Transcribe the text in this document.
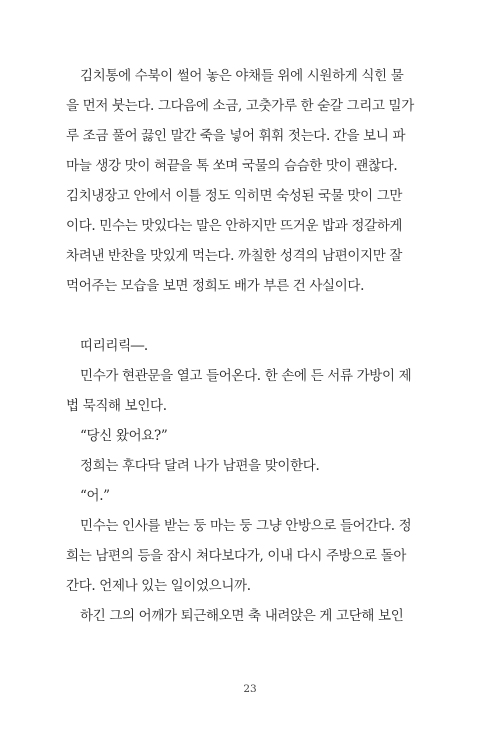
김치통에 수북이 썰어 놓은 야채들 위에 시원하게 식힌 물
을 먼저 붓는다. 그다음에 소금, 고춧가루 한 숟갈 그리고 밀가
루 조금 풀어 끓인 말간 죽을 넣어 휘휘 젓는다. 간을 보니 파
마늘 생강 맛이 혀끝을 톡 쏘며 국물의 슴슴한 맛이 괜찮다.
김치냉장고 안에서 이틀 정도 익히면 숙성된 국물 맛이 그만
이다. 민수는 맛있다는 말은 안하지만 뜨거운 밥과 정갈하게
차려낸 반찬을 맛있게 먹는다. 까칠한 성격의 남편이지만 잘
먹어주는 모습을 보면 정희도 배가 부른 건 사실이다.
띠리리릭―.
민수가 현관문을 열고 들어온다. 한 손에 든 서류 가방이 제
법 묵직해 보인다.
“당신 왔어요?”
정희는 후다닥 달려 나가 남편을 맞이한다.
“어.”
민수는 인사를 받는 둥 마는 둥 그냥 안방으로 들어간다. 정
희는 남편의 등을 잠시 쳐다보다가, 이내 다시 주방으로 돌아
간다. 언제나 있는 일이었으니까.
하긴 그의 어깨가 퇴근해오면 축 내려앉은 게 고단해 보인
23
